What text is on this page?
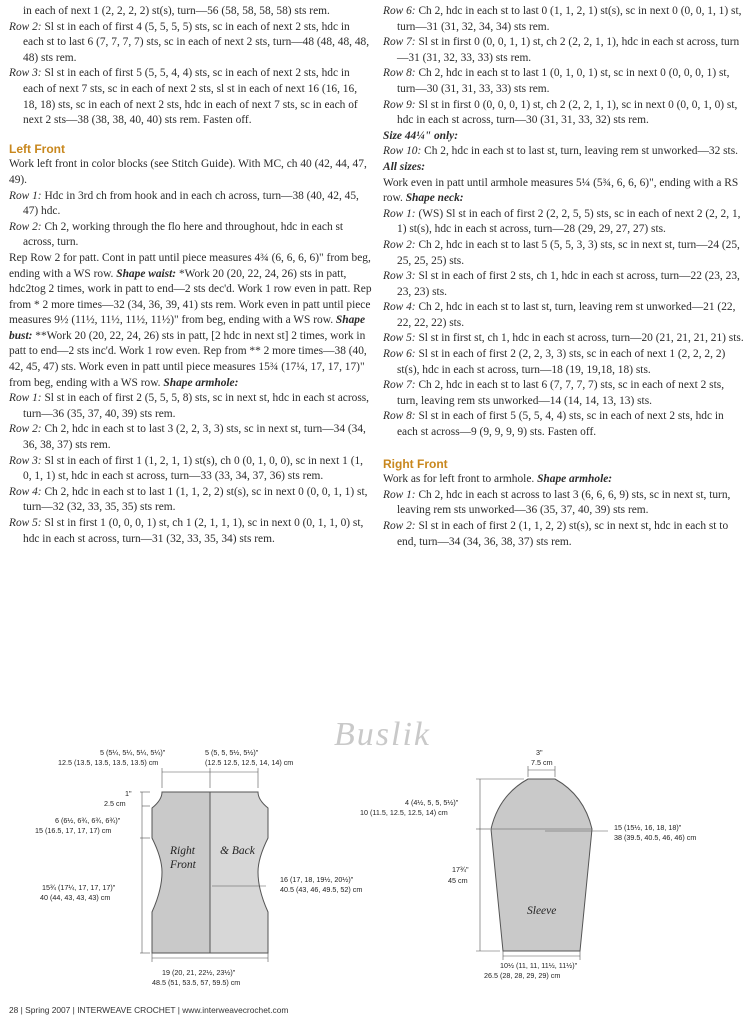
in each of next 1 (2, 2, 2, 2) st(s), turn—56 (58, 58, 58, 58) sts rem.

Row 2: Sl st in each of first 4 (5, 5, 5, 5) sts, sc in each of next 2 sts, hdc in each st to last 6 (7, 7, 7, 7) sts, sc in each of next 2 sts, turn—48 (48, 48, 48, 48) sts rem.

Row 3: Sl st in each of first 5 (5, 5, 4, 4) sts, sc in each of next 2 sts, hdc in each of next 7 sts, sc in each of next 2 sts, sl st in each of next 16 (16, 16, 18, 18) sts, sc in each of next 2 sts, hdc in each of next 7 sts, sc in each of next 2 sts—38 (38, 38, 40, 40) sts rem. Fasten off.

Left Front

Work left front in color blocks (see Stitch Guide). With MC, ch 40 (42, 44, 47, 49).

Row 1: Hdc in 3rd ch from hook and in each ch across, turn—38 (40, 42, 45, 47) hdc.

Row 2: Ch 2, working through the flo here and throughout, hdc in each st across, turn.

Rep Row 2 for patt. Cont in patt until piece measures 4¾ (6, 6, 6, 6)" from beg, ending with a WS row. Shape waist: *Work 20 (20, 22, 24, 26) sts in patt, hdc2tog 2 times, work in patt to end—2 sts dec'd. Work 1 row even in patt. Rep from * 2 more times—32 (34, 36, 39, 41) sts rem. Work even in patt until piece measures 9½ (11½, 11½, 11½, 11½)" from beg, ending with a WS row. Shape bust: **Work 20 (20, 22, 24, 26) sts in patt, [2 hdc in next st] 2 times, work in patt to end—2 sts inc'd. Work 1 row even. Rep from ** 2 more times—38 (40, 42, 45, 47) sts. Work even in patt until piece measures 15¾ (17¼, 17, 17, 17)" from beg, ending with a WS row. Shape armhole:

Row 1: Sl st in each of first 2 (5, 5, 5, 8) sts, sc in next st, hdc in each st across, turn—36 (35, 37, 40, 39) sts rem.

Row 2: Ch 2, hdc in each st to last 3 (2, 2, 3, 3) sts, sc in next st, turn—34 (34, 36, 38, 37) sts rem.

Row 3: Sl st in each of first 1 (1, 2, 1, 1) st(s), ch 0 (0, 1, 0, 0), sc in next 1 (1, 0, 1, 1) st, hdc in each st across, turn—33 (33, 34, 37, 36) sts rem.

Row 4: Ch 2, hdc in each st to last 1 (1, 1, 2, 2) st(s), sc in next 0 (0, 0, 1, 1) st, turn—32 (32, 33, 35, 35) sts rem.

Row 5: Sl st in first 1 (0, 0, 0, 1) st, ch 1 (2, 1, 1, 1), sc in next 0 (0, 1, 1, 0) st, hdc in each st across, turn—31 (32, 33, 35, 34) sts rem.

Row 6: Ch 2, hdc in each st to last 0 (1, 1, 2, 1) st(s), sc in next 0 (0, 0, 1, 1) st, turn—31 (31, 32, 34, 34) sts rem.

Row 7: Sl st in first 0 (0, 0, 1, 1) st, ch 2 (2, 2, 1, 1), hdc in each st across, turn—31 (31, 32, 33, 33) sts rem.

Row 8: Ch 2, hdc in each st to last 1 (0, 1, 0, 1) st, sc in next 0 (0, 0, 0, 1) st, turn—30 (31, 31, 33, 33) sts rem.

Row 9: Sl st in first 0 (0, 0, 0, 1) st, ch 2 (2, 2, 1, 1), sc in next 0 (0, 0, 1, 0) st, hdc in each st across, turn—30 (31, 31, 33, 32) sts rem.

Size 44¼" only:

Row 10: Ch 2, hdc in each st to last st, turn, leaving rem st unworked—32 sts.

All sizes:

Work even in patt until armhole measures 5¼ (5¾, 6, 6, 6)", ending with a RS row. Shape neck:

Row 1: (WS) Sl st in each of first 2 (2, 2, 5, 5) sts, sc in each of next 2 (2, 2, 1, 1) st(s), hdc in each st across, turn—28 (29, 29, 27, 27) sts.

Row 2: Ch 2, hdc in each st to last 5 (5, 5, 3, 3) sts, sc in next st, turn—24 (25, 25, 25, 25) sts.

Row 3: Sl st in each of first 2 sts, ch 1, hdc in each st across, turn—22 (23, 23, 23, 23) sts.

Row 4: Ch 2, hdc in each st to last st, turn, leaving rem st unworked—21 (22, 22, 22, 22) sts.

Row 5: Sl st in first st, ch 1, hdc in each st across, turn—20 (21, 21, 21, 21) sts.

Row 6: Sl st in each of first 2 (2, 2, 3, 3) sts, sc in each of next 1 (2, 2, 2, 2) st(s), hdc in each st across, turn—18 (19, 19,18, 18) sts.

Row 7: Ch 2, hdc in each st to last 6 (7, 7, 7, 7) sts, sc in each of next 2 sts, turn, leaving rem sts unworked—14 (14, 14, 13, 13) sts.

Row 8: Sl st in each of first 5 (5, 5, 4, 4) sts, sc in each of next 2 sts, hdc in each st across—9 (9, 9, 9, 9) sts. Fasten off.

Right Front

Work as for left front to armhole. Shape armhole:

Row 1: Ch 2, hdc in each st across to last 3 (6, 6, 6, 9) sts, sc in next st, turn, leaving rem sts unworked—36 (35, 37, 40, 39) sts rem.

Row 2: Sl st in each of first 2 (1, 1, 2, 2) st(s), sc in next st, hdc in each st to end, turn—34 (34, 36, 38, 37) sts rem.

Buslik
5 (5¼, 5¼, 5¼, 5¼)"
12.5 (13.5, 13.5, 13.5, 13.5) cm
5 (5, 5, 5½, 5½)"
(12.5 12.5, 12.5, 14, 14) cm
1"
2.5 cm
6 (6½, 6¾, 6¾, 6¾)"
15 (16.5, 17, 17, 17) cm
15¾ (17¼, 17, 17, 17)"
40 (44, 43, 43, 43) cm
16 (17, 18, 19½, 20½)"
40.5 (43, 46, 49.5, 52) cm
19 (20, 21, 22½, 23½)"
48.5 (51, 53.5, 57, 59.5) cm
Right
Front
& Back
3"
7.5 cm
4 (4½, 5, 5, 5½)"
10 (11.5, 12.5, 12.5, 14) cm
15 (15½, 16, 18, 18)"
38 (39.5, 40.5, 46, 46) cm
17¾"
45 cm
10½ (11, 11, 11½, 11½)"
26.5 (28, 28, 29, 29) cm
Sleeve
28 | Spring 2007 | INTERWEAVE CROCHET | www.interweavecrochet.com
